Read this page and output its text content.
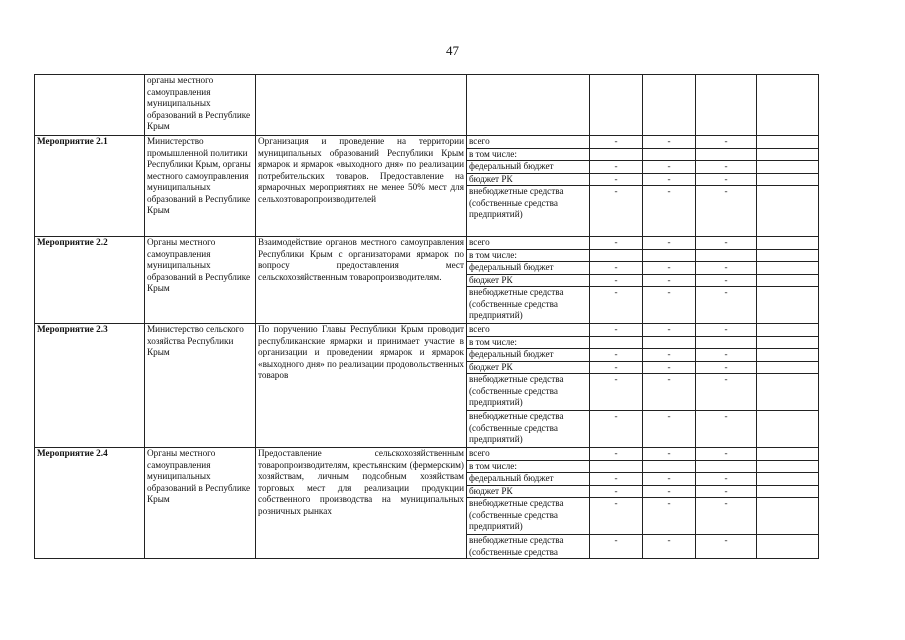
47
	органы местного самоуправления муниципальных образований в Республике Крым						
Мероприятие 2.1	Министерство промышленной политики Республики Крым, органы местного самоуправления муниципальных образований в Республике Крым	Организация и проведение на территории муниципальных образований Республики Крым ярмарок и ярмарок «выходного дня» по реализации потребительских товаров. Предоставление на ярмарочных мероприятиях не менее 50% мест для сельхозтоваропроизводителей	всего	-	-	-	
			в том числе:				
			федеральный бюджет	-	-	-	
			бюджет РК	-	-	-	
			внебюджетные средства (собственные средства предприятий)	-	-	-	
Мероприятие 2.2	Органы местного самоуправления муниципальных образований в Республике Крым	Взаимодействие органов местного самоуправления Республики Крым с организаторами ярмарок по вопросу предоставления мест сельскохозяйственным товаропроизводителям.	всего	-	-	-	
			в том числе:				
			федеральный бюджет	-	-	-	
			бюджет РК	-	-	-	
			внебюджетные средства (собственные средства предприятий)	-	-	-	
Мероприятие 2.3	Министерство сельского хозяйства Республики Крым	По поручению Главы Республики Крым проводит республиканские ярмарки и принимает участие в организации и проведении ярмарок и ярмарок «выходного дня» по реализации продовольственных товаров	всего	-	-	-	
			в том числе:				
			федеральный бюджет	-	-	-	
			бюджет РК	-	-	-	
			внебюджетные средства (собственные средства предприятий)	-	-	-	
			внебюджетные средства (собственные средства предприятий)	-	-	-	
Мероприятие 2.4	Органы местного самоуправления муниципальных образований в Республике Крым	Предоставление сельскохозяйственным товаропроизводителям, крестьянским (фермерским) хозяйствам, личным подсобным хозяйствам торговых мест для реализации продукции собственного производства на муниципальных розничных рынках	всего	-	-	-	
			в том числе:				
			федеральный бюджет	-	-	-	
			бюджет РК	-	-	-	
			внебюджетные средства (собственные средства предприятий)	-	-	-	
			внебюджетные средства (собственные средства	-	-	-	
